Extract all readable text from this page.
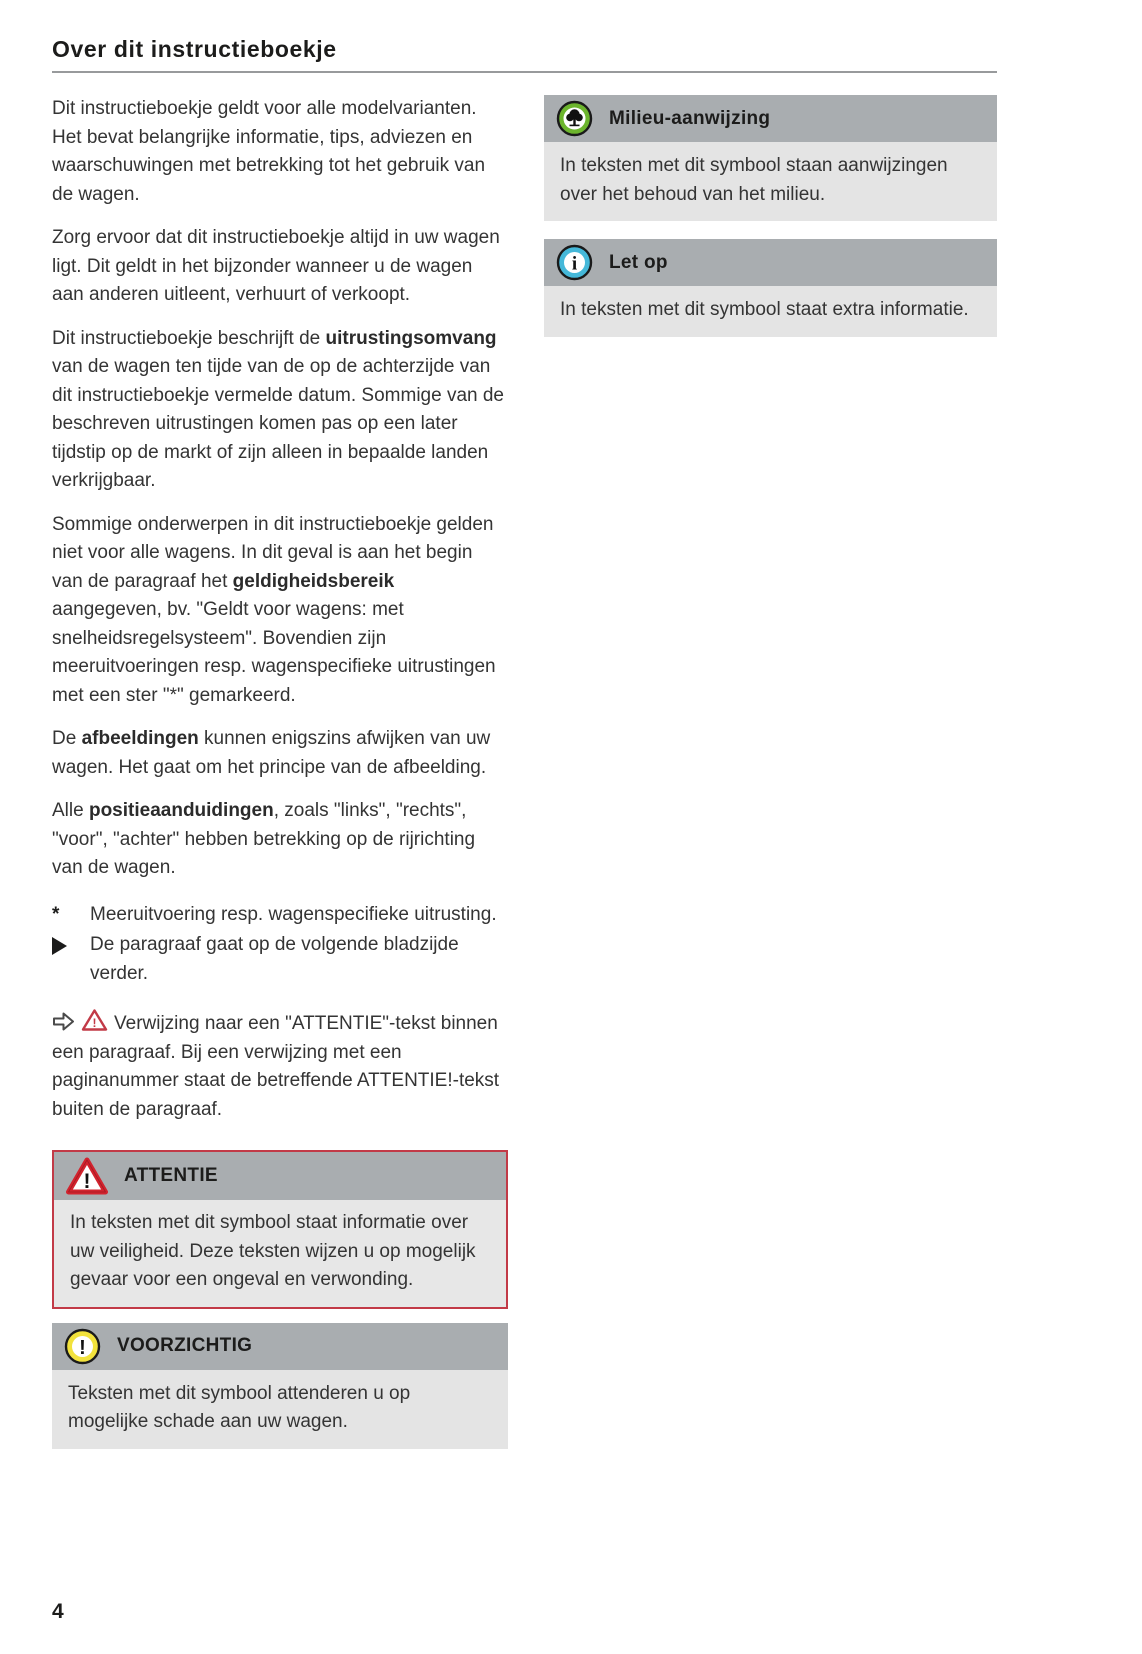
Over dit instructieboekje

Dit instructieboekje geldt voor alle modelvarianten. Het bevat belangrijke informatie, tips, adviezen en waarschuwingen met betrekking tot het gebruik van de wagen.

Zorg ervoor dat dit instructieboekje altijd in uw wagen ligt. Dit geldt in het bijzonder wanneer u de wagen aan anderen uitleent, verhuurt of verkoopt.

Dit instructieboekje beschrijft de uitrustingsomvang van de wagen ten tijde van de op de achterzijde van dit instructieboekje vermelde datum. Sommige van de beschreven uitrustingen komen pas op een later tijdstip op de markt of zijn alleen in bepaalde landen verkrijgbaar.

Sommige onderwerpen in dit instructieboekje gelden niet voor alle wagens. In dit geval is aan het begin van de paragraaf het geldigheidsbereik aangegeven, bv. "Geldt voor wagens: met snelheidsregelsysteem". Bovendien zijn meeruitvoeringen resp. wagenspecifieke uitrustingen met een ster "*" gemarkeerd.

De afbeeldingen kunnen enigszins afwijken van uw wagen. Het gaat om het principe van de afbeelding.

Alle positieaanduidingen, zoals "links", "rechts", "voor", "achter" hebben betrekking op de rijrichting van de wagen.

*	Meeruitvoering resp. wagenspecifieke uitrusting.
De paragraaf gaat op de volgende bladzijde verder.

! Verwijzing naar een "ATTENTIE"-tekst binnen een paragraaf. Bij een verwijzing met een paginanummer staat de betreffende ATTENTIE!-tekst buiten de paragraaf.

! ATTENTIE
In teksten met dit symbool staat informatie over uw veiligheid. Deze teksten wijzen u op mogelijk gevaar voor een ongeval en verwonding.
! VOORZICHTIG
Teksten met dit symbool attenderen u op mogelijke schade aan uw wagen.
Milieu-aanwijzing
In teksten met dit symbool staan aanwijzingen over het behoud van het milieu.
i Let op
In teksten met dit symbool staat extra informatie.
4
